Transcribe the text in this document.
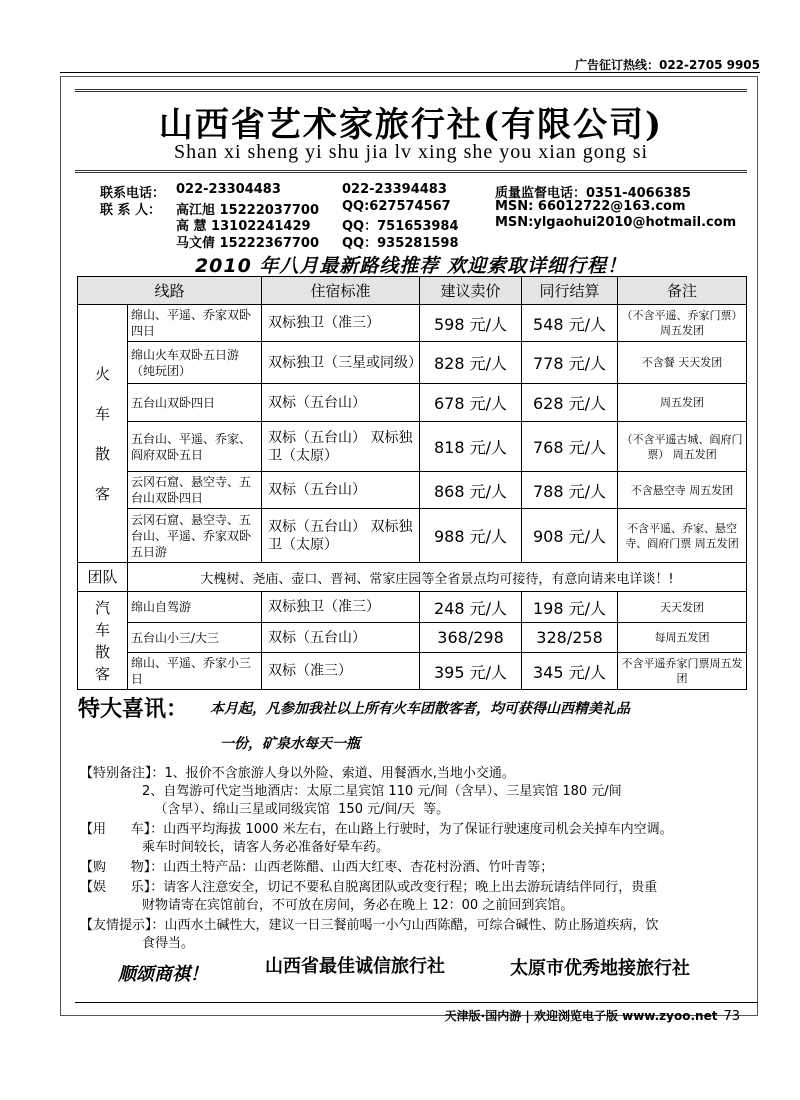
广告征订热线：022-2705 9905
山西省艺术家旅行社(有限公司)
Shan xi sheng yi shu jia lv xing she you xian gong si
联系电话： 022-23304483	022-23394483	质量监督电话：0351-4066385
联 系 人： 高江旭 15222037700 QQ:627574567	MSN: 66012722@163.com
高 慧 13102241429 QQ：751653984	MSN:ylgaohui2010@hotmail.com
马文倩 15222367700 QQ：935281598
2010 年八月最新路线推荐 欢迎索取详细行程！
线路		住宿标准	建议卖价	同行结算	备注

火车散客	绵山、平遥、乔家双卧四日	双标独卫（准三）	598 元/人	548 元/人	（不含平遥、乔家门票）周五发团
	绵山火车双卧五日游（纯玩团）	双标独卫（三星或同级）	828 元/人	778 元/人	不含餐 天天发团
	五台山双卧四日	双标（五台山）	678 元/人	628 元/人	周五发团
	五台山、平遥、乔家、阎府双卧五日	双标（五台山） 双标独卫（太原）	818 元/人	768 元/人	（不含平遥古城、阎府门票） 周五发团
	云冈石窟、悬空寺、五台山双卧四日	双标（五台山）	868 元/人	788 元/人	不含悬空寺 周五发团
	云冈石窟、悬空寺、五台山、平遥、乔家双卧五日游	双标（五台山） 双标独卫（太原）	988 元/人	908 元/人	不含平遥、乔家、悬空寺、阎府门票 周五发团
团队	大槐树、尧庙、壶口、晋祠、常家庄园等全省景点均可接待，有意向请来电详谈！!				

汽车散客	绵山自驾游	双标独卫（准三）	248 元/人	198 元/人	天天发团
	五台山小三/大三	双标（五台山）	368/298	328/258	每周五发团
	绵山、平遥、乔家小三日	双标（准三）	395 元/人	345 元/人	不含平遥乔家门票周五发团
特大喜讯： 本月起，凡参加我社以上所有火车团散客者，均可获得山西精美礼品
一份，矿泉水每天一瓶
【特别备注】：1、报价不含旅游人身以外险、索道、用餐酒水,当地小交通。
2、自驾游可代定当地酒店：太原二星宾馆 110 元/间（含早）、三星宾馆 180 元/间
（含早）、绵山三星或同级宾馆  150 元/间/天  等。
【用      车】：山西平均海拔 1000 米左右，在山路上行驶时，为了保证行驶速度司机会关掉车内空调。
乘车时间较长，请客人务必准备好晕车药。
【购      物】：山西土特产品：山西老陈醋、山西大红枣、杏花村汾酒、竹叶青等；
【娱      乐】：请客人注意安全，切记不要私自脱离团队或改变行程；晚上出去游玩请结伴同行，贵重
财物请寄在宾馆前台，不可放在房间，务必在晚上 12：00 之前回到宾馆。
【友情提示】：山西水土碱性大，建议一日三餐前喝一小勺山西陈醋，可综合碱性、防止肠道疾病，饮
食得当。
顺颂商祺！	山西省最佳诚信旅行社	太原市优秀地接旅行社
天津版·国内游 | 欢迎浏览电子版 www.zyoo.net 73
